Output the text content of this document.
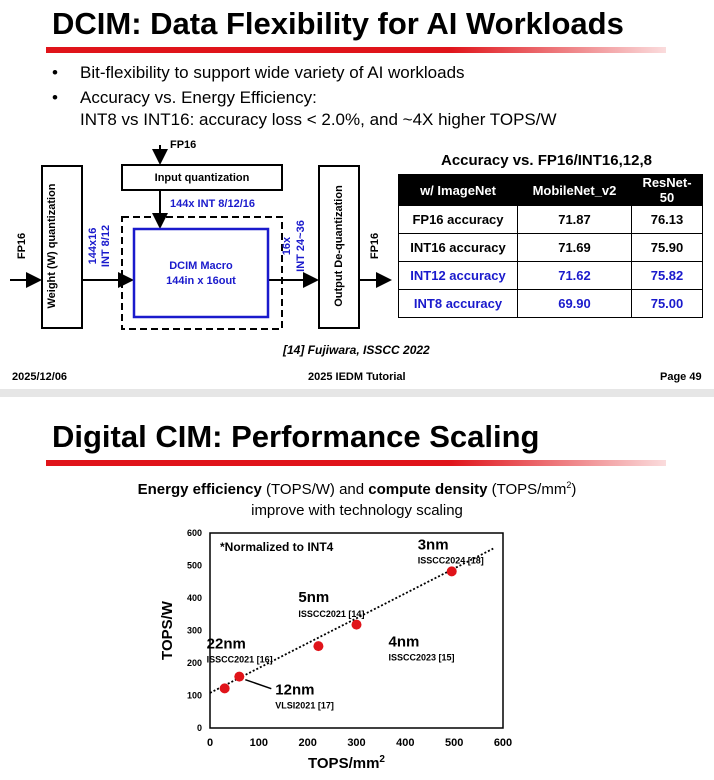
DCIM: Data Flexibility for AI Workloads
• Bit-flexibility to support wide variety of AI workloads
• Accuracy vs. Energy Efficiency:
INT8 vs INT16: accuracy loss < 2.0%, and ~4X higher TOPS/W
FP16 Weight (W) quantization	144x16 INT 8/12
FP16
Input quantization
144x INT 8/12/16
DCIM Macro
144in x 16out
16x INT 24~36 Output De-quantization FP16
Accuracy vs. FP16/INT16,12,8
w/ ImageNet	MobileNet_v2	ResNet-50
FP16 accuracy	71.87	76.13
INT16 accuracy	71.69	75.90
INT12 accuracy	71.62	75.82
INT8 accuracy	69.90	75.00
[14] Fujiwara, ISSCC 2022
2025/12/06	2025 IEDM Tutorial	Page 49
Digital CIM: Performance Scaling
Energy efficiency (TOPS/W) and compute density $(TOPS/mm^2)$
improve with technology scaling
0	100	200	300	400	500	600
0
100
200
300
400
500
600
*Normalized to INT4
22nm
ISSCC2021 [16]
12nm
VLSI2021 [17]
5nm
ISSCC2021 [14]
4nm
ISSCC2023 [15]
3nm
ISSCC2024 [18]
TOPS/$mm^2$
TOPS/W
